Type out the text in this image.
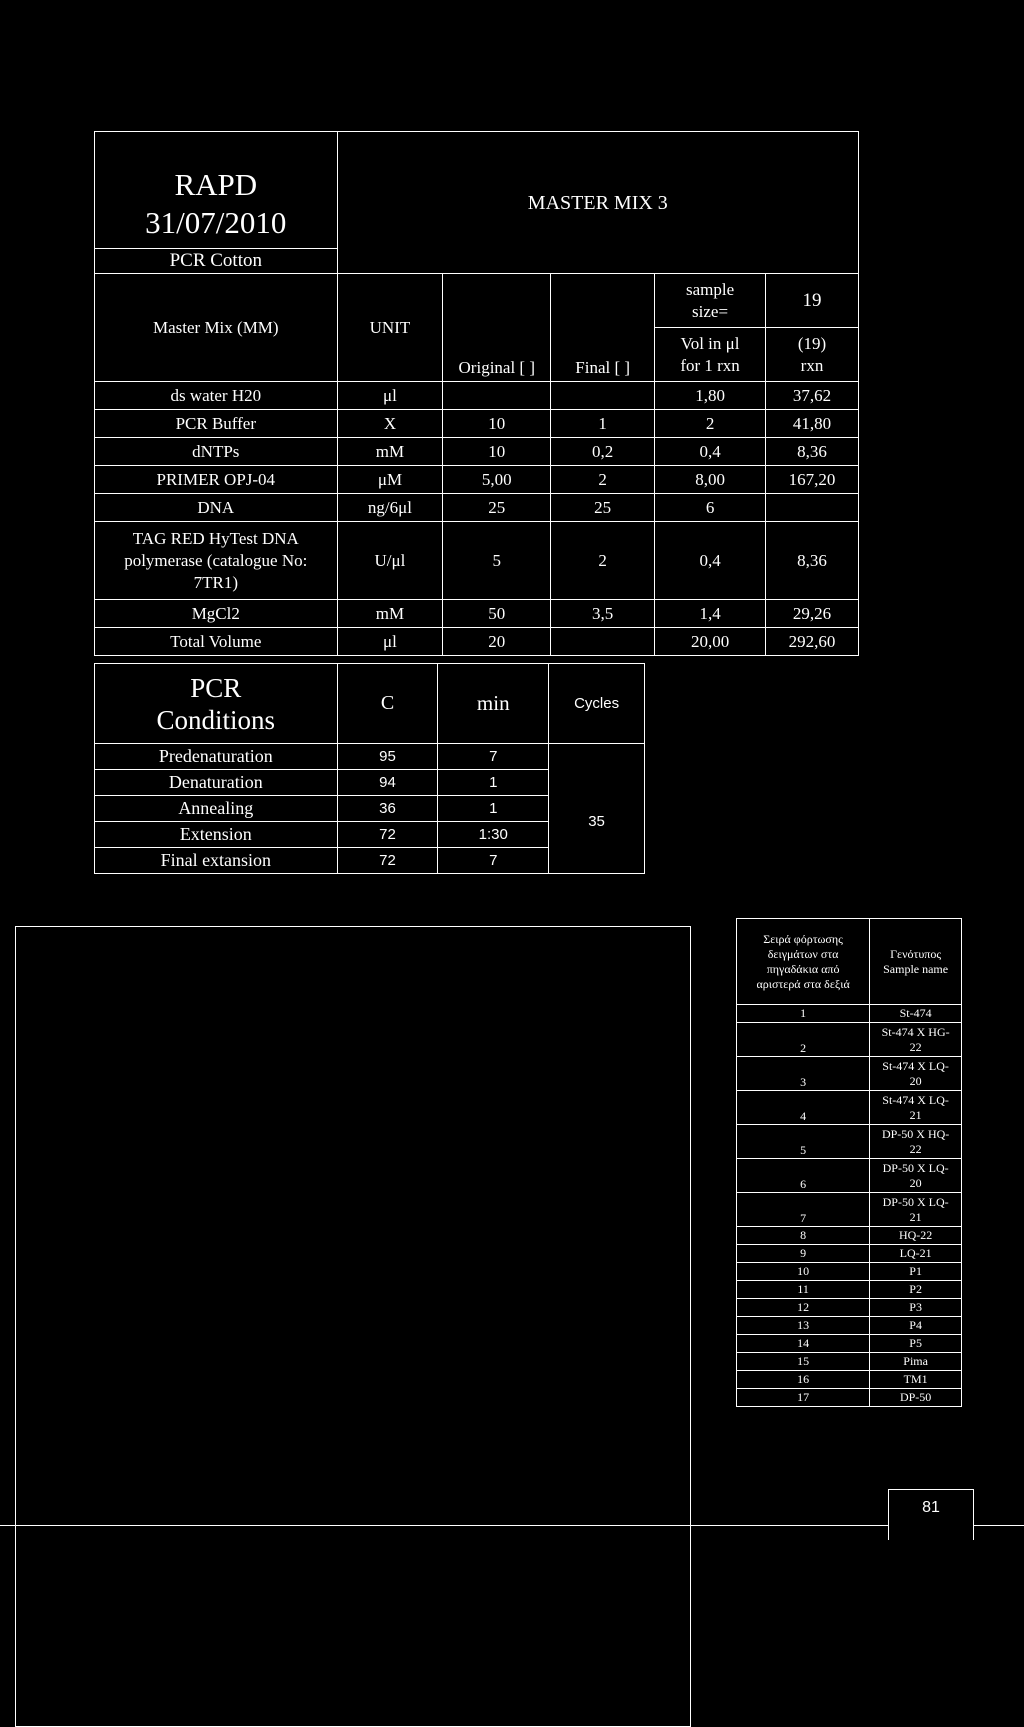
RAPD
31/07/2010	MASTER MIX 3				
PCR Cotton					
Master Mix (MM)	UNIT	Original [ ]	Final [ ]	sample size=	19
				Vol in μl for 1 rxn	(19) rxn
ds water H20	μl			1,80	37,62
PCR Buffer	X	10	1	2	41,80
dNTPs	mM	10	0,2	0,4	8,36
PRIMER OPJ-04	μM	5,00	2	8,00	167,20
DNA	ng/6μl	25	25	6	
TAG RED HyTest DNA polymerase (catalogue No: 7TR1)	U/μl	5	2	0,4	8,36
MgCl2	mM	50	3,5	1,4	29,26
Total Volume	μl	20		20,00	292,60
PCR
Conditions	C	min	Cycles
Predenaturation	95	7	
Denaturation	94	1	35
Annealing	36	1	
Extension	72	1:30	
Final extansion	72	7	
Σειρά φόρτωσης δειγμάτων στα πηγαδάκια από αριστερά στα δεξιά	Γενότυπος Sample name
1	St-474
2	St-474 X HG-22
3	St-474 X LQ-20
4	St-474 X LQ-21
5	DP-50 X HQ-22
6	DP-50 X LQ-20
7	DP-50 X LQ-21
8	HQ-22
9	LQ-21
10	P1
11	P2
12	P3
13	P4
14	P5
15	Pima
16	TM1
17	DP-50
81
